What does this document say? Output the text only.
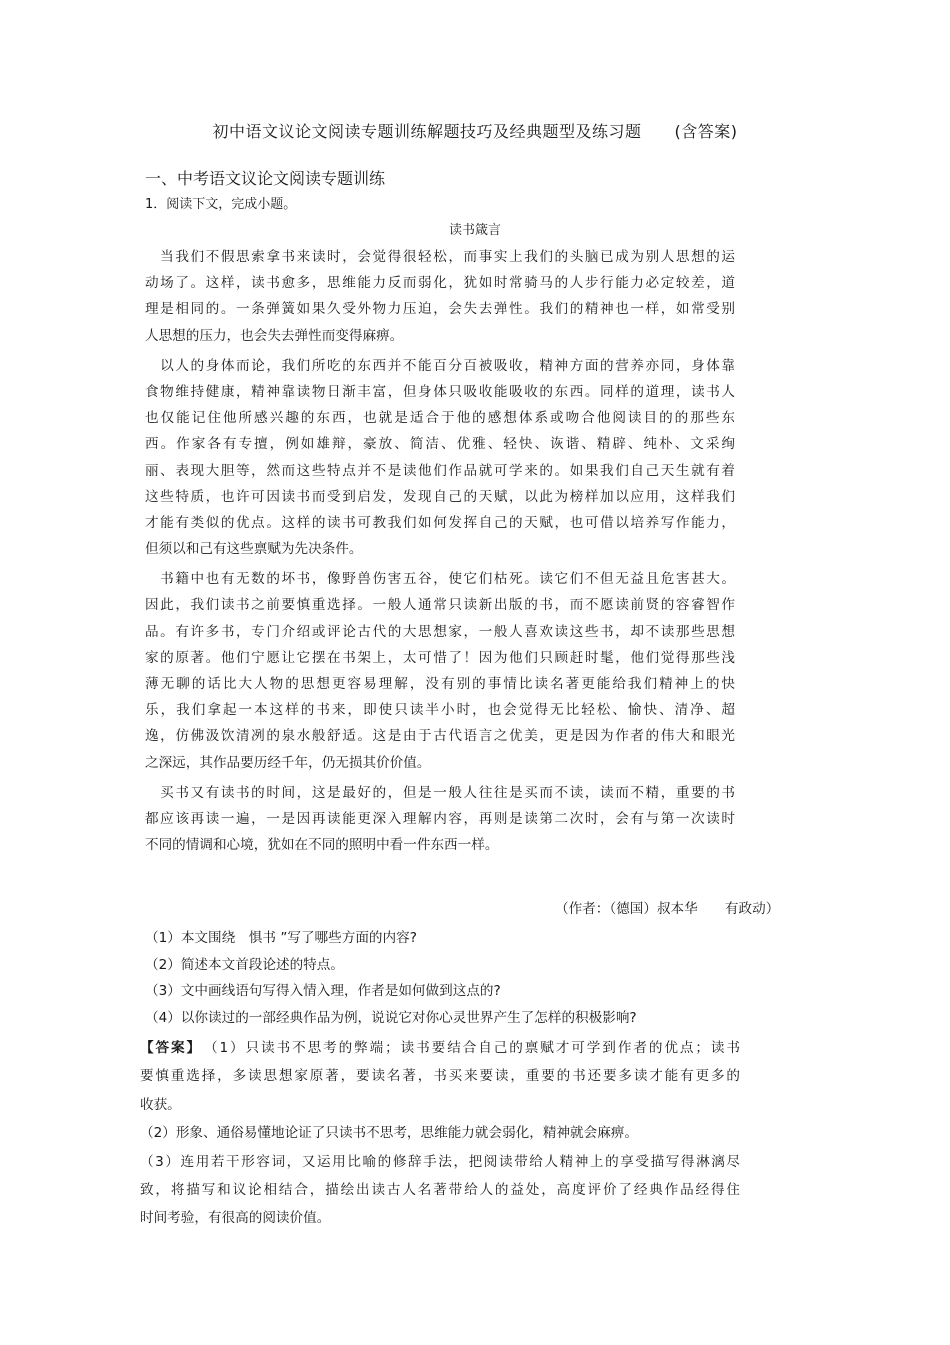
初中语文议论文阅读专题训练解题技巧及经典题型及练习题　　(含答案)
一、中考语文议论文阅读专题训练
1．阅读下文，完成小题。
读书箴言
　当我们不假思索拿书来读时，会觉得很轻松，而事实上我们的头脑已成为别人思想的运
动场了。这样，读书愈多，思维能力反而弱化，犹如时常骑马的人步行能力必定较差，道
理是相同的。一条弹簧如果久受外物力压迫，会失去弹性。我们的精神也一样，如常受别
人思想的压力，也会失去弹性而变得麻痹。
　以人的身体而论，我们所吃的东西并不能百分百被吸收，精神方面的营养亦同，身体靠
食物维持健康，精神靠读物日渐丰富，但身体只吸收能吸收的东西。同样的道理，读书人
也仅能记住他所感兴趣的东西，也就是适合于他的感想体系或吻合他阅读目的的那些东
西。作家各有专擅，例如雄辩，豪放、简洁、优雅、轻快、诙谐、精辟、纯朴、文采绚
丽、表现大胆等，然而这些特点并不是读他们作品就可学来的。如果我们自己天生就有着
这些特质，也许可因读书而受到启发，发现自己的天赋，以此为榜样加以应用，这样我们
才能有类似的优点。这样的读书可教我们如何发挥自己的天赋，也可借以培养写作能力，
但须以和己有这些禀赋为先决条件。
　书籍中也有无数的坏书，像野兽伤害五谷，使它们枯死。读它们不但无益且危害甚大。
因此，我们读书之前要慎重选择。一般人通常只读新出版的书，而不愿读前贤的容睿智作
品。有许多书，专门介绍或评论古代的大思想家，一般人喜欢读这些书，却不读那些思想
家的原著。他们宁愿让它摆在书架上，太可惜了！因为他们只顾赶时髦，他们觉得那些浅
薄无聊的话比大人物的思想更容易理解，没有别的事情比读名著更能给我们精神上的快
乐，我们拿起一本这样的书来，即使只读半小时，也会觉得无比轻松、愉快、清净、超
逸，仿佛汲饮清冽的泉水般舒适。这是由于古代语言之优美，更是因为作者的伟大和眼光
之深远，其作品要历经千年，仍无损其价价值。
　买书又有读书的时间，这是最好的，但是一般人往往是买而不读，读而不精，重要的书
都应该再读一遍，一是因再读能更深入理解内容，再则是读第二次时，会有与第一次读时
不同的情调和心境，犹如在不同的照明中看一件东西一样。
（作者：（德国）叔本华　　有政动）
（1）本文围绕　惧书 ”写了哪些方面的内容?
（2）简述本文首段论述的特点。
（3）文中画线语句写得入情入理，作者是如何做到这点的?
（4）以你读过的一部经典作品为例，说说它对你心灵世界产生了怎样的积极影响?
【答案】　（1）只读书不思考的弊端；读书要结合自己的禀赋才可学到作者的优点；读书
要慎重选择，多读思想家原著，要读名著，书买来要读，重要的书还要多读才能有更多的
收获。
（2）形象、通俗易懂地论证了只读书不思考，思维能力就会弱化，精神就会麻痹。
（3）连用若干形容词，又运用比喻的修辞手法，把阅读带给人精神上的享受描写得淋漓尽
致，将描写和议论相结合，描绘出读古人名著带给人的益处，高度评价了经典作品经得住
时间考验，有很高的阅读价值。
